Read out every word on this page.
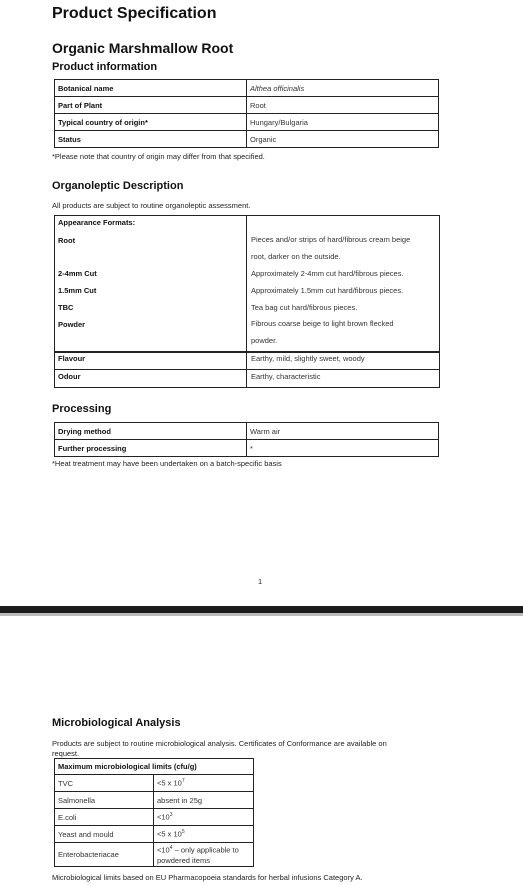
Product Specification
Organic Marshmallow Root
Product information
Botanical name	Althea officinalis
Part of Plant	Root
Typical country of origin*	Hungary/Bulgaria
Status	Organic
*Please note that country of origin may differ from that specified.
Organoleptic Description
All products are subject to routine organoleptic assessment.
Appearance Formats:
Root	Pieces and/or strips of hard/fibrous cream beige
root, darker on the outside.
2-4mm Cut	Approximately 2-4mm cut hard/fibrous pieces.
1.5mm Cut	Approximately 1.5mm cut hard/fibrous pieces.
TBC	Tea bag cut hard/fibrous pieces.
Powder	Fibrous coarse beige to light brown flecked
powder.
Flavour	Earthy, mild, slightly sweet, woody
Odour	Earthy, characteristic
Processing
Drying method	Warm air
Further processing	*
*Heat treatment may have been undertaken on a batch-specific basis
1
Microbiological Analysis
Products are subject to routine microbiological analysis. Certificates of Conformance are available on
request.
Maximum microbiological limits (cfu/g)	
TVC	<5 x $10^7$
Salmonella	absent in 25g
E.coli	$<10^3$
Yeast and mould	<5 x $10^5$
Enterobacteriacae	$<10^4$ – only applicable to
powdered items
Microbiological limits based on EU Pharmacopoeia standards for herbal infusions Category A.
